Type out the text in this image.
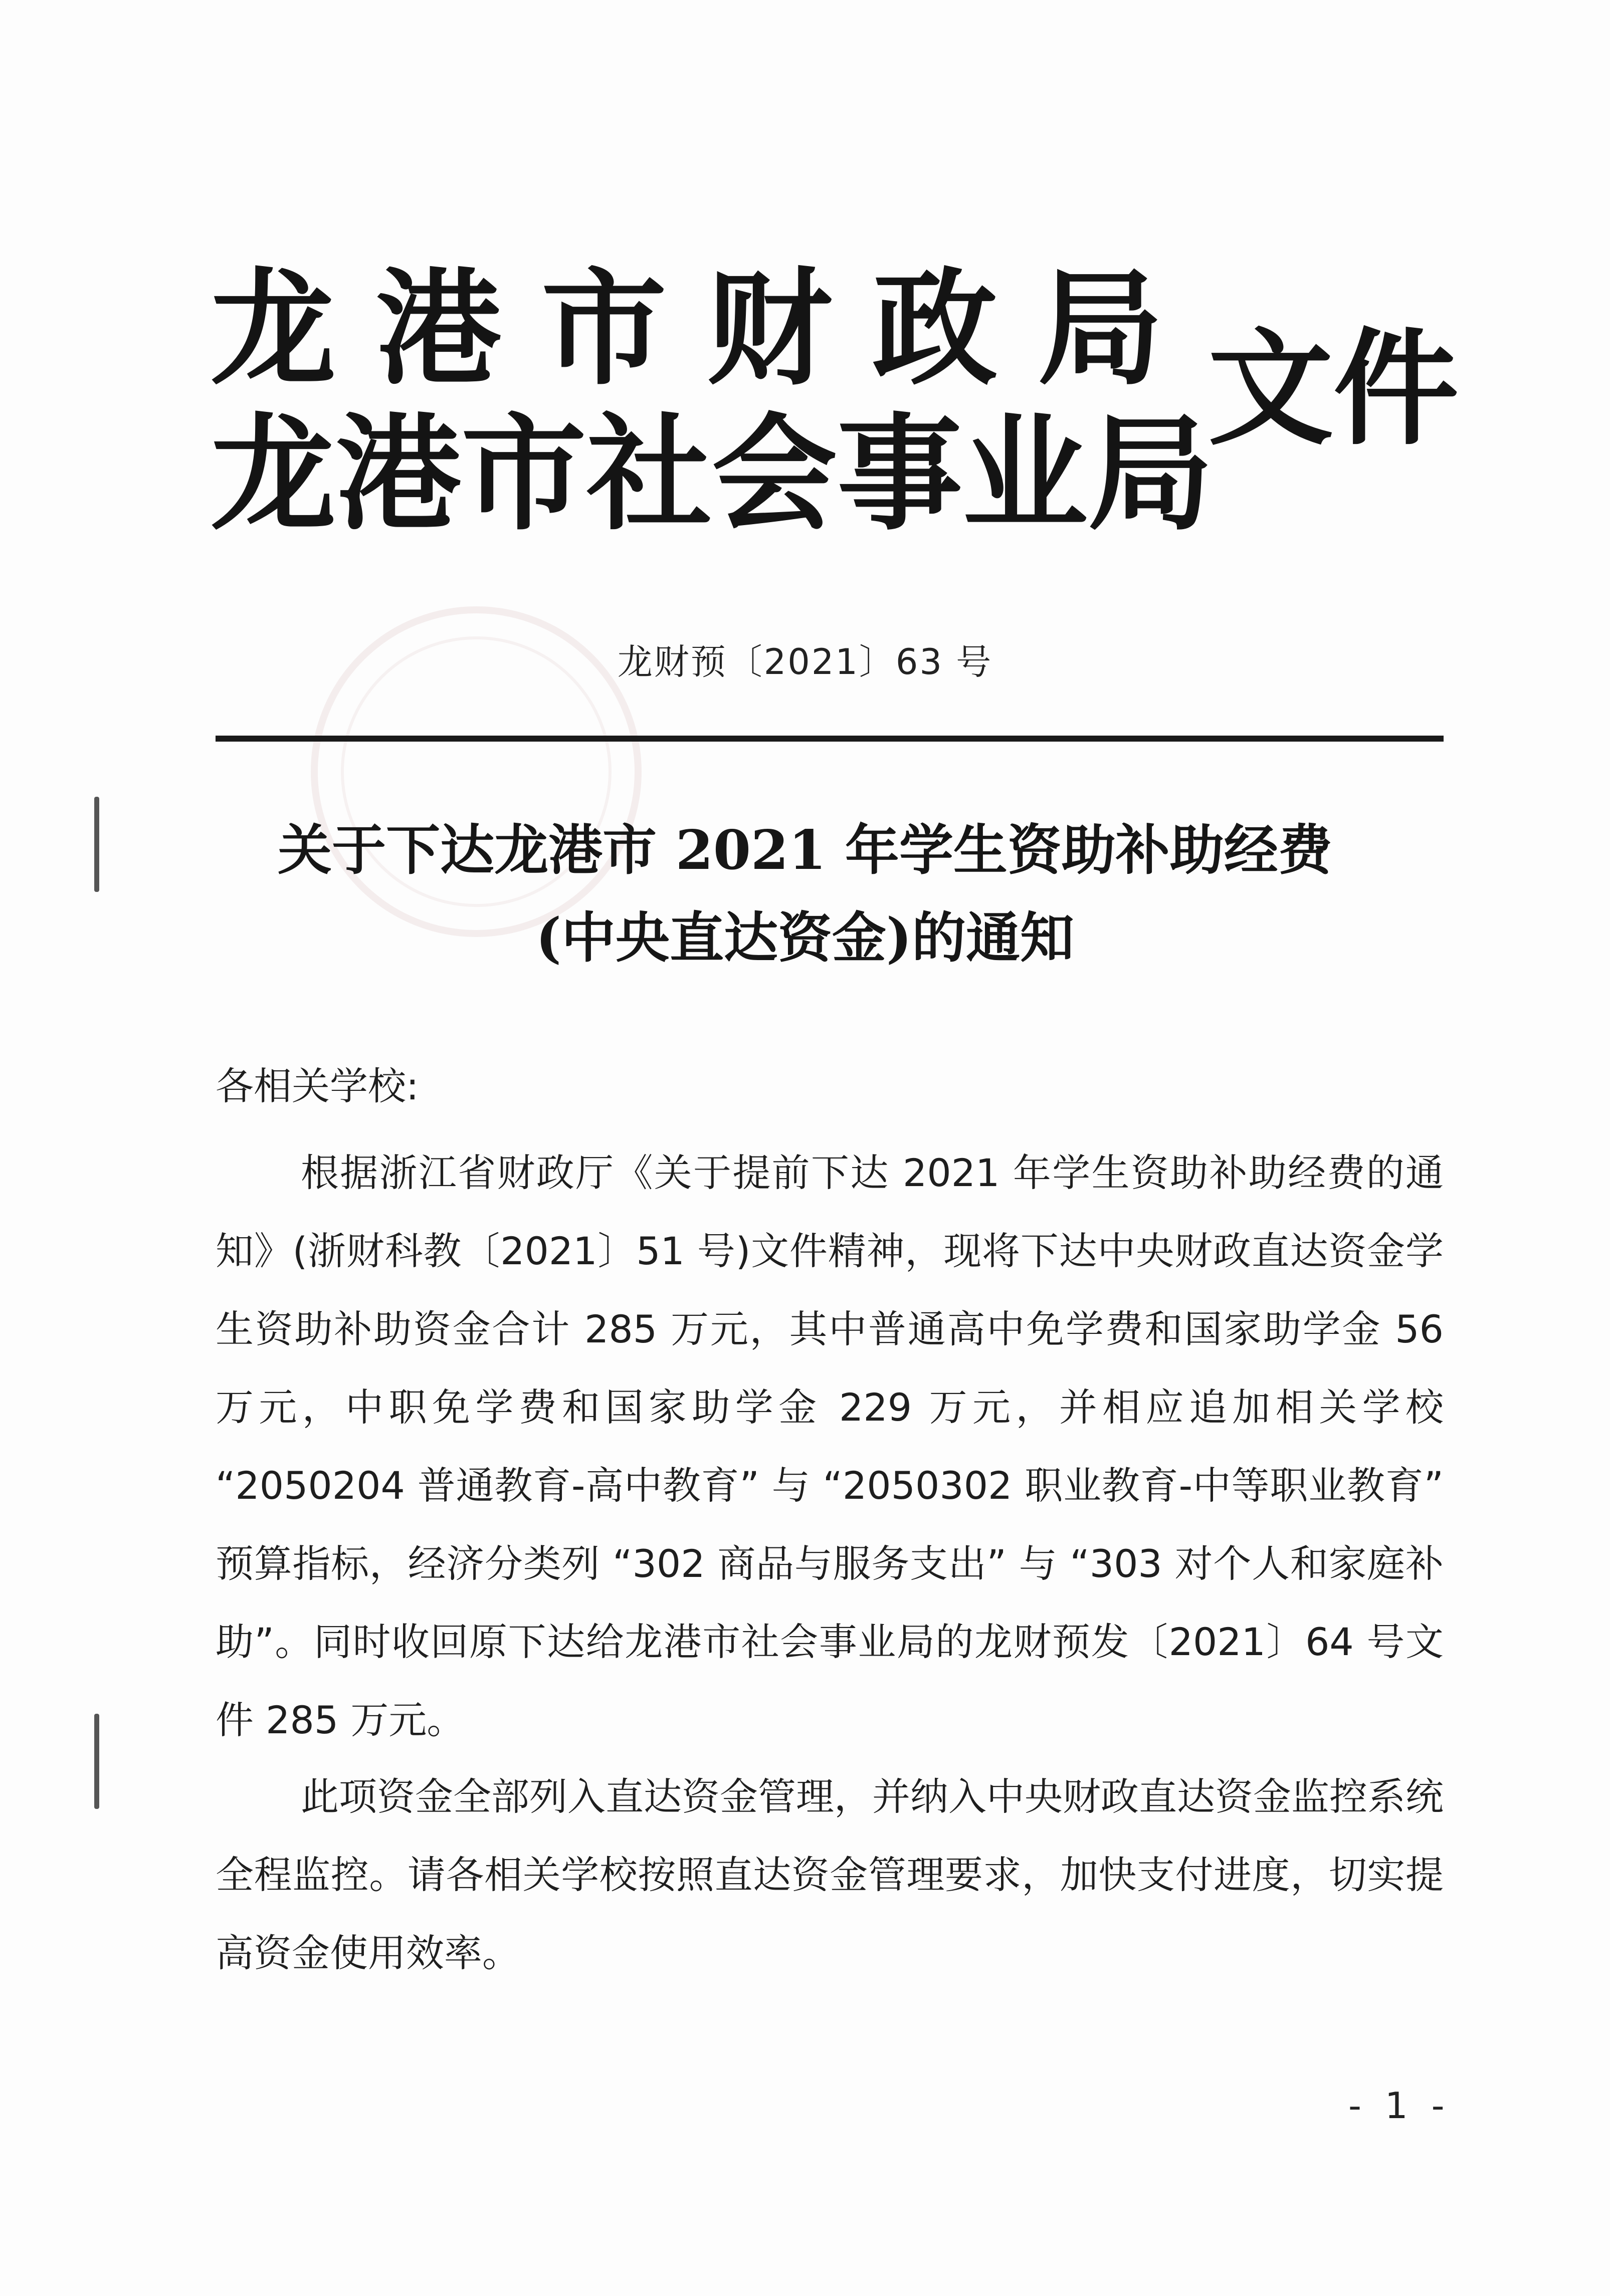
龙 港 市 财 政 局
龙 港 市 社 会 事 业 局
文件
龙财预〔2021〕63 号
关于下达龙港市 2021 年学生资助补助经费
(中央直达资金)的通知
各相关学校:

根据浙江省财政厅《关于提前下达 2021 年学生资助补助经费的通知》(浙财科教〔2021〕51 号)文件精神，现将下达中央财政直达资金学生资助补助资金合计 285 万元，其中普通高中免学费和国家助学金 56 万元，中职免学费和国家助学金 229 万元，并相应追加相关学校 “2050204 普通教育-高中教育” 与 “2050302 职业教育-中等职业教育” 预算指标，经济分类列 “302 商品与服务支出” 与 “303 对个人和家庭补助”。同时收回原下达给龙港市社会事业局的龙财预发〔2021〕64 号文件 285 万元。

此项资金全部列入直达资金管理，并纳入中央财政直达资金监控系统全程监控。请各相关学校按照直达资金管理要求，加快支付进度，切实提高资金使用效率。

- 1 -
